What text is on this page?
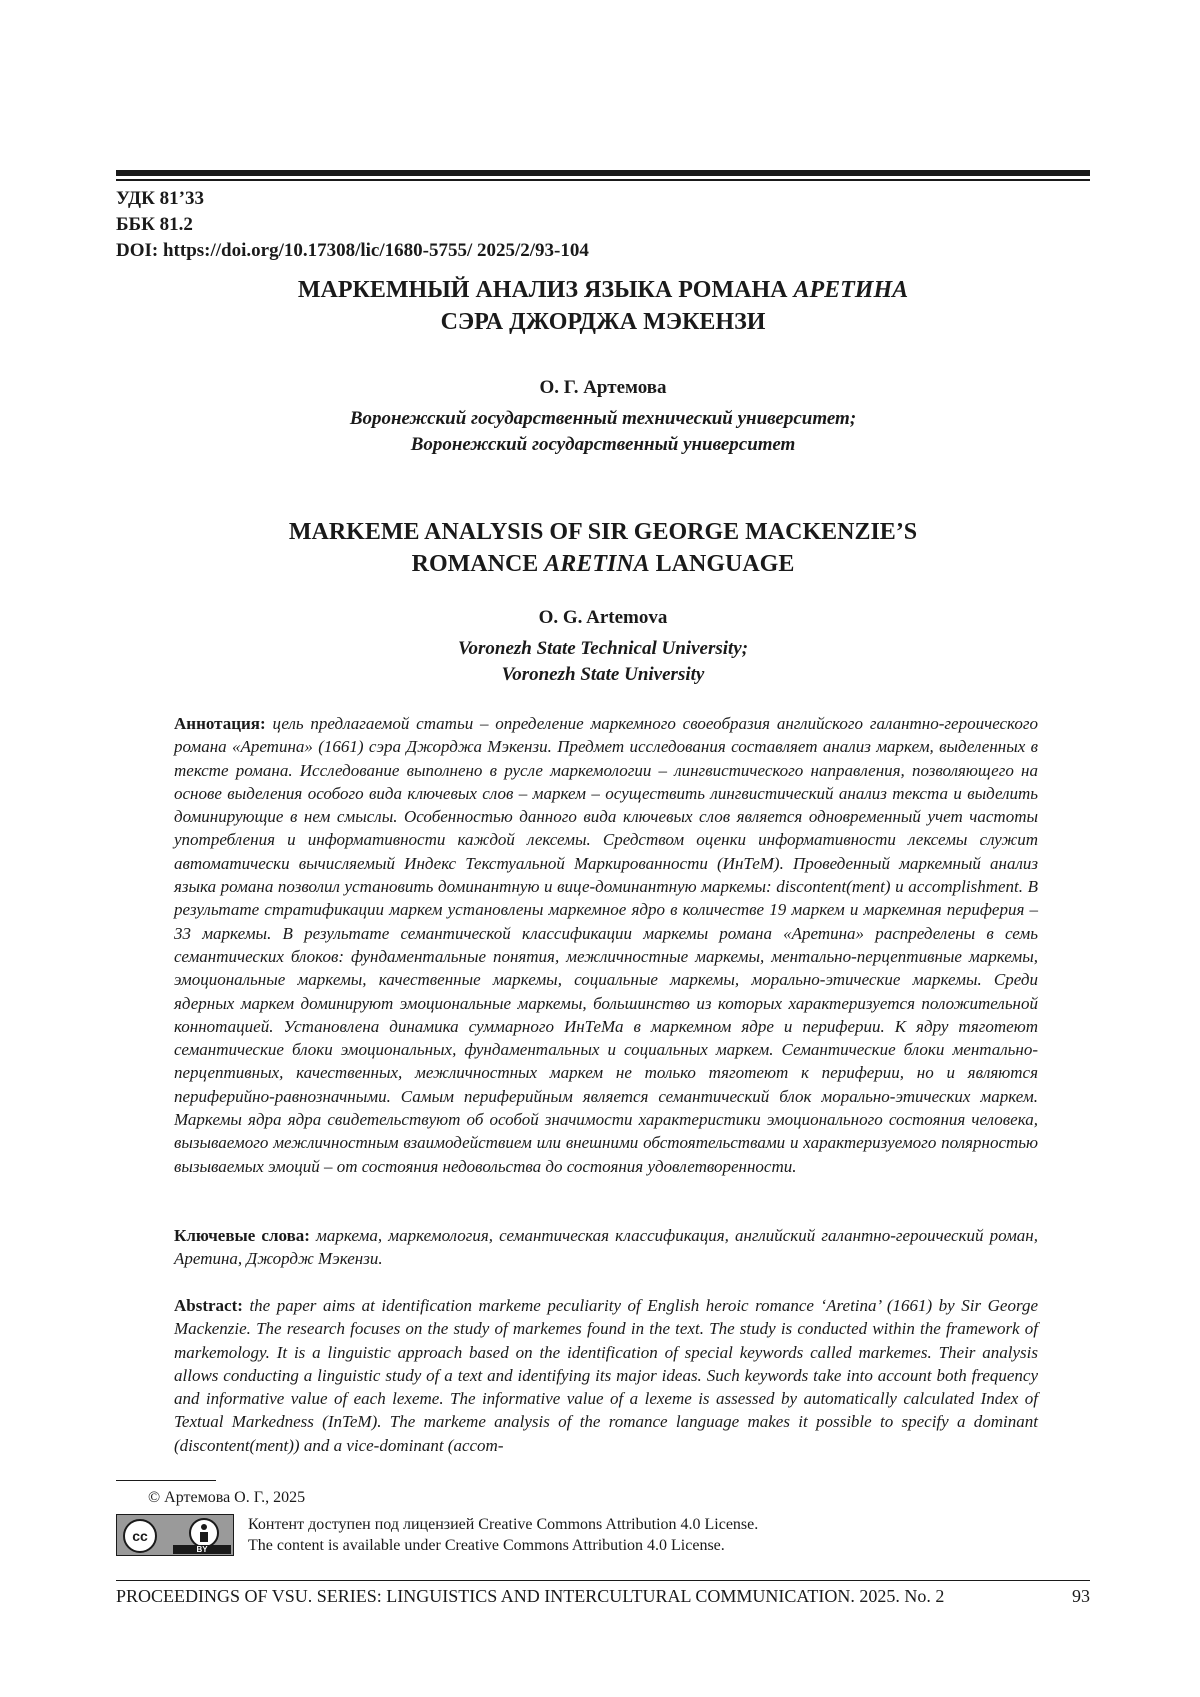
УДК 81’33
ББК 81.2
DOI: https://doi.org/10.17308/lic/1680-5755/ 2025/2/93-104
МАРКЕМНЫЙ АНАЛИЗ ЯЗЫКА РОМАНА АРЕТИНА
СЭРА ДЖОРДЖА МЭКЕНЗИ
О. Г. Артемова
Воронежский государственный технический университет;
Воронежский государственный университет
MARKEME ANALYSIS OF SIR GEORGE MACKENZIE’S
ROMANCE ARETINA LANGUAGE
O. G. Artemova
Voronezh State Technical University;
Voronezh State University

Аннотация: цель предлагаемой статьи – определение маркемного своеобразия английского галантно-героического романа «Аретина» (1661) сэра Джорджа Мэкензи. Предмет исследования составляет анализ маркем, выделенных в тексте романа. Исследование выполнено в русле маркемологии – лингвистического направления, позволяющего на основе выделения особого вида ключевых слов – маркем – осуществить лингвистический анализ текста и выделить доминирующие в нем смыслы. Особенностью данного вида ключевых слов является одновременный учет частоты употребления и информативности каждой лексемы. Средством оценки информативности лексемы служит автоматически вычисляемый Индекс Текстуальной Маркированности (ИнТеМ). Проведенный маркемный анализ языка романа позволил установить доминантную и вице-доминантную маркемы: discontent(ment) и accomplishment. В результате стратификации маркем установлены маркемное ядро в количестве 19 маркем и маркемная периферия – 33 маркемы. В результате семантической классификации маркемы романа «Аретина» распределены в семь семантических блоков: фундаментальные понятия, межличностные маркемы, ментально-перцептивные маркемы, эмоциональные маркемы, качественные маркемы, социальные маркемы, морально-этические маркемы. Среди ядерных маркем доминируют эмоциональные маркемы, большинство из которых характеризуется положительной коннотацией. Установлена динамика суммарного ИнТеМа в маркемном ядре и периферии. К ядру тяготеют семантические блоки эмоциональных, фундаментальных и социальных маркем. Семантические блоки ментально-перцептивных, качественных, межличностных маркем не только тяготеют к периферии, но и являются периферийно-равнозначными. Самым периферийным является семантический блок морально-этических маркем. Маркемы ядра ядра свидетельствуют об особой значимости характеристики эмоционального состояния человека, вызываемого межличностным взаимодействием или внешними обстоятельствами и характеризуемого полярностью вызываемых эмоций – от состояния недовольства до состояния удовлетворенности.

Ключевые слова: маркема, маркемология, семантическая классификация, английский галантно-героический роман, Аретина, Джордж Мэкензи.

Abstract: the paper aims at identification markeme peculiarity of English heroic romance ‘Aretina’ (1661) by Sir George Mackenzie. The research focuses on the study of markemes found in the text. The study is conducted within the framework of markemology. It is a linguistic approach based on the identification of special keywords called markemes. Their analysis allows conducting a linguistic study of a text and identifying its major ideas. Such keywords take into account both frequency and informative value of each lexeme. The informative value of a lexeme is assessed by automatically calculated Index of Textual Markedness (InTeM). The markeme analysis of the romance language makes it possible to specify a dominant (discontent(ment)) and a vice-dominant (accom-

© Артемова О. Г., 2025
cc
BY
Контент доступен под лицензией Creative Commons Attribution 4.0 License.
The content is available under Creative Commons Attribution 4.0 License.
PROCEEDINGS OF VSU. SERIES: LINGUISTICS AND INTERCULTURAL COMMUNICATION. 2025. No. 2	93
